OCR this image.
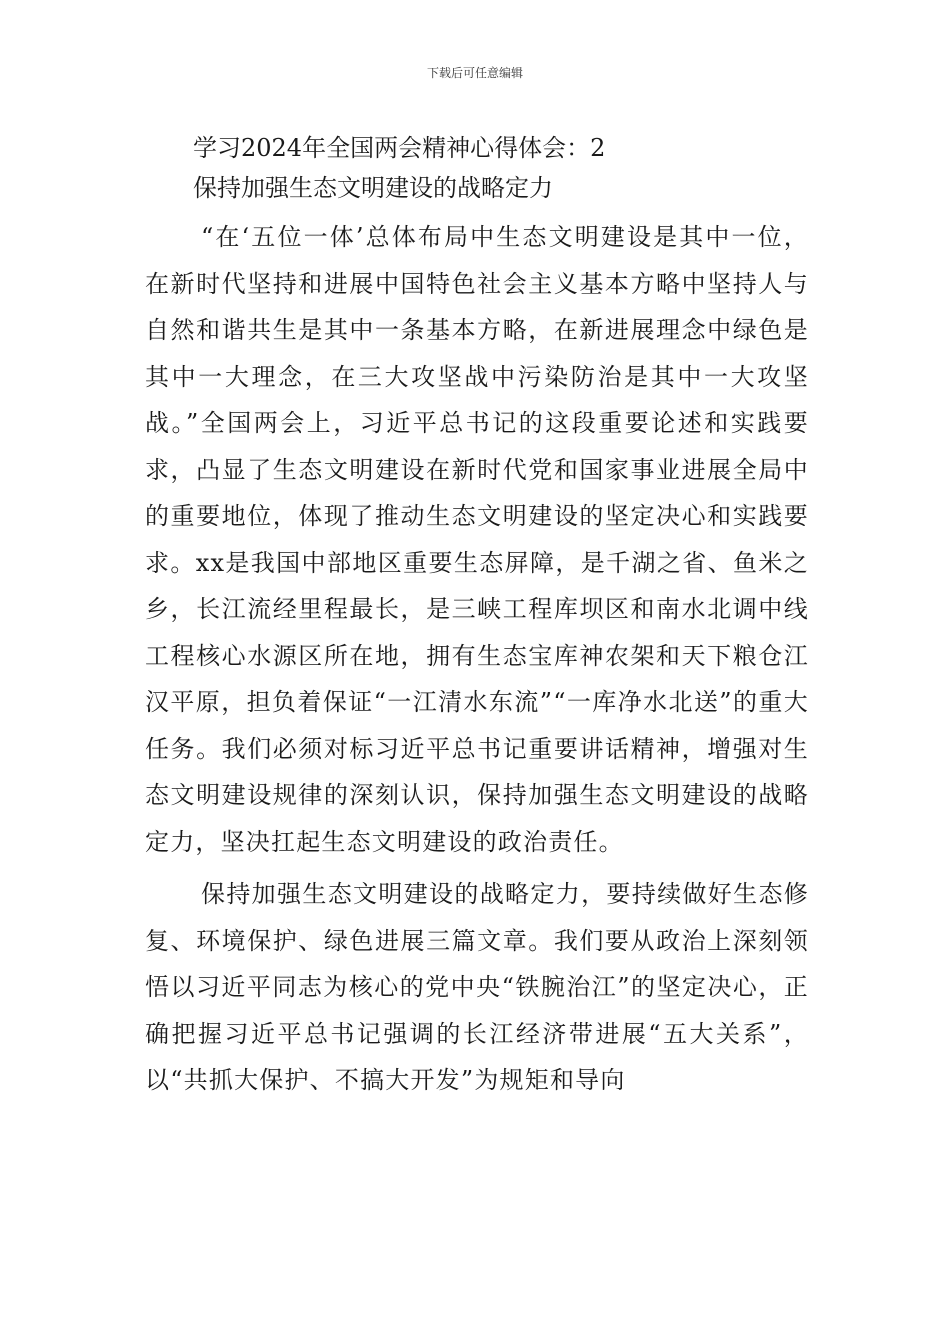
下载后可任意编辑

学习2024年全国两会精神心得体会：2

保持加强生态文明建设的战略定力

“在‘五位一体’总体布局中生态文明建设是其中一位，在新时代坚持和进展中国特色社会主义基本方略中坚持人与自然和谐共生是其中一条基本方略，在新进展理念中绿色是其中一大理念，在三大攻坚战中污染防治是其中一大攻坚战。”全国两会上，习近平总书记的这段重要论述和实践要求，凸显了生态文明建设在新时代党和国家事业进展全局中的重要地位，体现了推动生态文明建设的坚定决心和实践要求。xx是我国中部地区重要生态屏障，是千湖之省、鱼米之乡，长江流经里程最长，是三峡工程库坝区和南水北调中线工程核心水源区所在地，拥有生态宝库神农架和天下粮仓江汉平原，担负着保证“一江清水东流”“一库净水北送”的重大任务。我们必须对标习近平总书记重要讲话精神，增强对生态文明建设规律的深刻认识，保持加强生态文明建设的战略定力，坚决扛起生态文明建设的政治责任。

保持加强生态文明建设的战略定力，要持续做好生态修复、环境保护、绿色进展三篇文章。我们要从政治上深刻领悟以习近平同志为核心的党中央“铁腕治江”的坚定决心，正确把握习近平总书记强调的长江经济带进展“五大关系”，以“共抓大保护、不搞大开发”为规矩和导向
